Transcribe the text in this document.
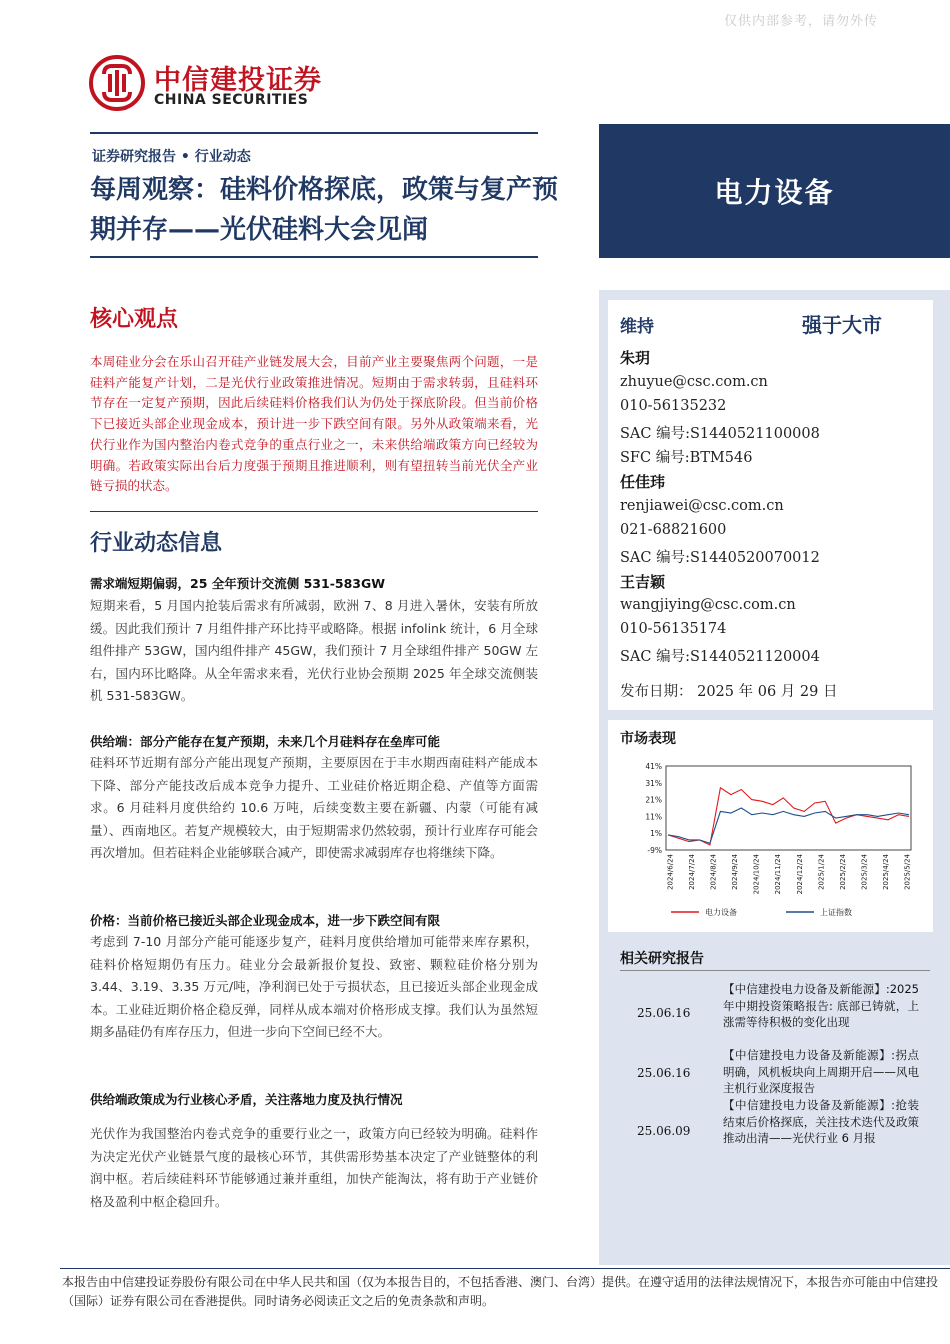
仅供内部参考，请勿外传
中信建投证券
CHINA SECURITIES
证券研究报告 • 行业动态
每周观察：硅料价格探底，政策与复产预期并存——光伏硅料大会见闻
电力设备
核心观点
本周硅业分会在乐山召开硅产业链发展大会，目前产业主要聚焦两个问题，一是硅料产能复产计划，二是光伏行业政策推进情况。短期由于需求转弱，且硅料环节存在一定复产预期，因此后续硅料价格我们认为仍处于探底阶段。但当前价格下已接近头部企业现金成本，预计进一步下跌空间有限。另外从政策端来看，光伏行业作为国内整治内卷式竞争的重点行业之一，未来供给端政策方向已经较为明确。若政策实际出台后力度强于预期且推进顺利，则有望扭转当前光伏全产业链亏损的状态。
行业动态信息
需求端短期偏弱，25 全年预计交流侧 531-583GW
短期来看，5 月国内抢装后需求有所减弱，欧洲 7、8 月进入暑休，安装有所放缓。因此我们预计 7 月组件排产环比持平或略降。根据 infolink 统计，6 月全球组件排产 53GW，国内组件排产 45GW，我们预计 7 月全球组件排产 50GW 左右，国内环比略降。从全年需求来看，光伏行业协会预期 2025 年全球交流侧装机 531-583GW。
供给端：部分产能存在复产预期，未来几个月硅料存在垒库可能
硅料环节近期有部分产能出现复产预期，主要原因在于丰水期西南硅料产能成本下降、部分产能技改后成本竞争力提升、工业硅价格近期企稳、产值等方面需求。6 月硅料月度供给约 10.6 万吨，后续变数主要在新疆、内蒙（可能有减量）、西南地区。若复产规模较大，由于短期需求仍然较弱，预计行业库存可能会再次增加。但若硅料企业能够联合减产，即使需求减弱库存也将继续下降。
价格：当前价格已接近头部企业现金成本，进一步下跌空间有限
考虑到 7-10 月部分产能可能逐步复产，硅料月度供给增加可能带来库存累积，硅料价格短期仍有压力。硅业分会最新报价复投、致密、颗粒硅价格分别为 3.44、3.19、3.35 万元/吨，净利润已处于亏损状态，且已接近头部企业现金成本。工业硅近期价格企稳反弹，同样从成本端对价格形成支撑。我们认为虽然短期多晶硅仍有库存压力，但进一步向下空间已经不大。
供给端政策成为行业核心矛盾，关注落地力度及执行情况
光伏作为我国整治内卷式竞争的重要行业之一，政策方向已经较为明确。硅料作为决定光伏产业链景气度的最核心环节，其供需形势基本决定了产业链整体的利润中枢。若后续硅料环节能够通过兼并重组，加快产能淘汰，将有助于产业链价格及盈利中枢企稳回升。
维持	强于大市
朱玥
zhuyue@csc.com.cn
010-56135232
SAC 编号:S1440521100008
SFC 编号:BTM546
任佳玮
renjiawei@csc.com.cn
021-68821600
SAC 编号:S1440520070012
王吉颖
wangjiying@csc.com.cn
010-56135174
SAC 编号:S1440521120004
发布日期： 2025 年 06 月 29 日
市场表现
41%
31%
21%
11%
1%
-9%
2024/6/24 2024/7/24 2024/8/24 2024/9/24 2024/10/24 2024/11/24 2024/12/24 2025/1/24 2025/2/24 2025/3/24 2025/4/24 2025/5/24
电力设备	上证指数
相关研究报告
25.06.16
【中信建投电力设备及新能源】:2025 年中期投资策略报告: 底部已铸就，上涨需等待积极的变化出现
25.06.16
【中信建投电力设备及新能源】:拐点明确，风机板块向上周期开启——风电主机行业深度报告
25.06.09
【中信建投电力设备及新能源】:抢装结束后价格探底，关注技术迭代及政策推动出清——光伏行业 6 月报
本报告由中信建投证券股份有限公司在中华人民共和国（仅为本报告目的，不包括香港、澳门、台湾）提供。在遵守适用的法律法规情况下，本报告亦可能由中信建投（国际）证券有限公司在香港提供。同时请务必阅读正文之后的免责条款和声明。
